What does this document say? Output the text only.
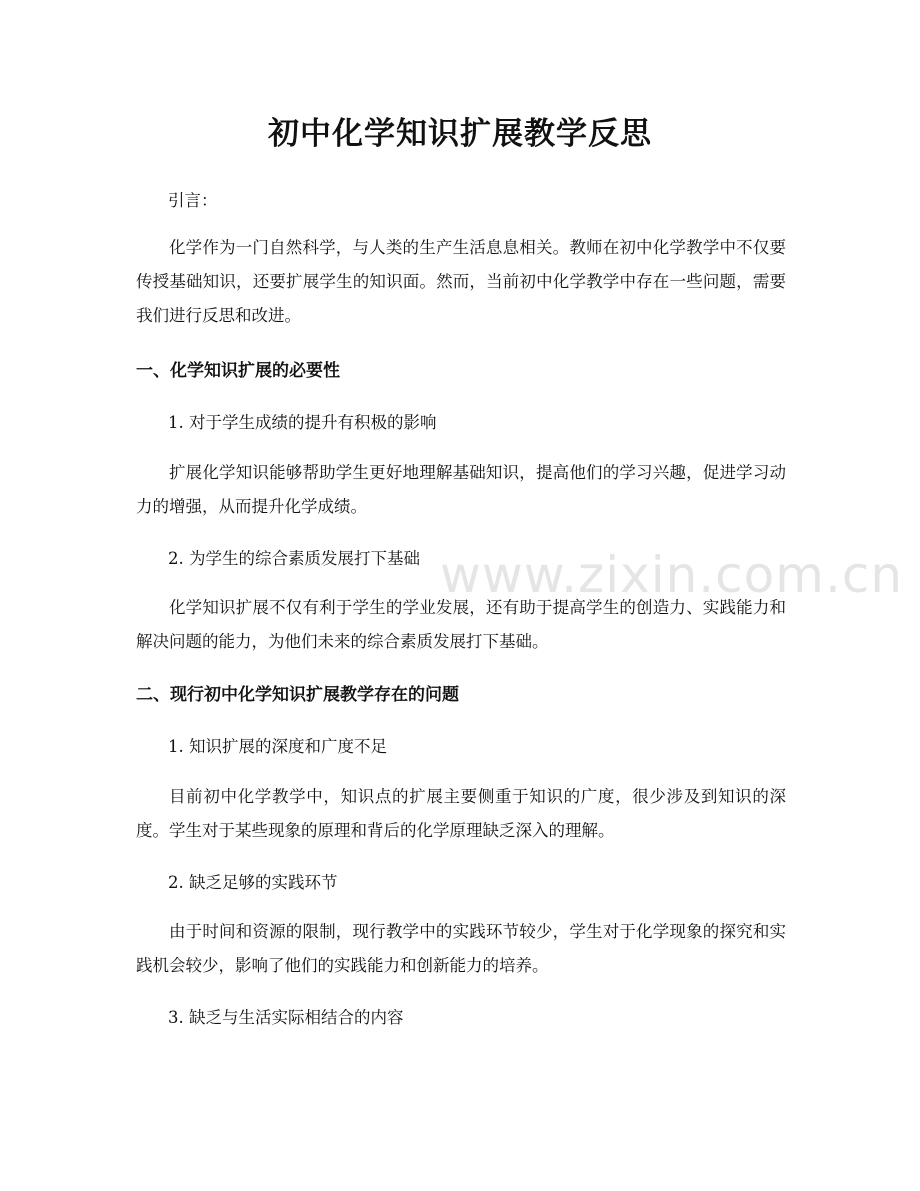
初中化学知识扩展教学反思

引言：

化学作为一门自然科学，与人类的生产生活息息相关。教师在初中化学教学中不仅要传授基础知识，还要扩展学生的知识面。然而，当前初中化学教学中存在一些问题，需要我们进行反思和改进。

一、化学知识扩展的必要性

1. 对于学生成绩的提升有积极的影响

扩展化学知识能够帮助学生更好地理解基础知识，提高他们的学习兴趣，促进学习动力的增强，从而提升化学成绩。

2. 为学生的综合素质发展打下基础

化学知识扩展不仅有利于学生的学业发展，还有助于提高学生的创造力、实践能力和解决问题的能力，为他们未来的综合素质发展打下基础。

二、现行初中化学知识扩展教学存在的问题

1. 知识扩展的深度和广度不足

目前初中化学教学中，知识点的扩展主要侧重于知识的广度，很少涉及到知识的深度。学生对于某些现象的原理和背后的化学原理缺乏深入的理解。

2. 缺乏足够的实践环节

由于时间和资源的限制，现行教学中的实践环节较少，学生对于化学现象的探究和实践机会较少，影响了他们的实践能力和创新能力的培养。

3. 缺乏与生活实际相结合的内容

www.zixin.com.cn
